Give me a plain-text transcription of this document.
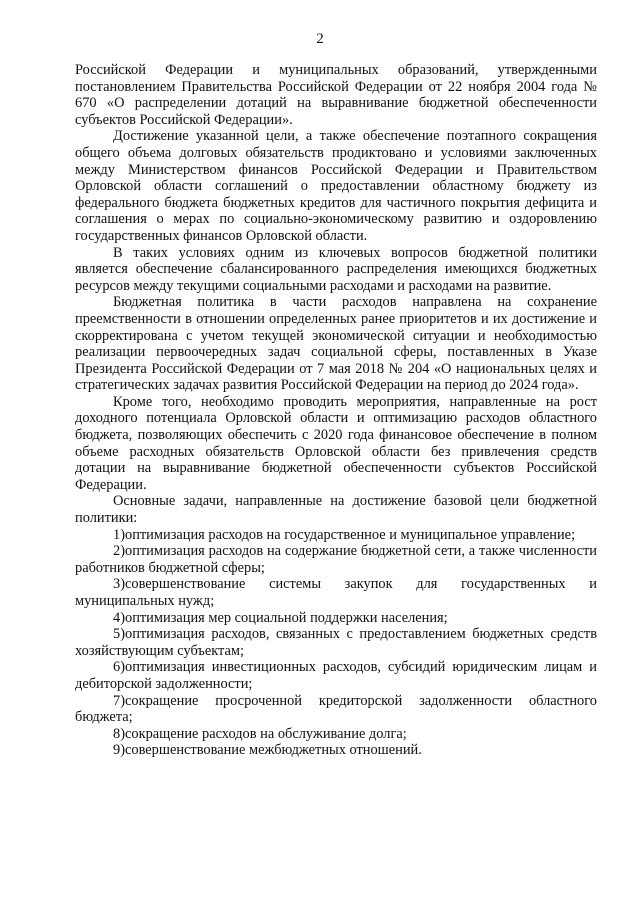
2

Российской Федерации и муниципальных образований, утвержденными постановлением Правительства Российской Федерации от 22 ноября 2004 года № 670 «О распределении дотаций на выравнивание бюджетной обеспеченности субъектов Российской Федерации».

Достижение указанной цели, а также обеспечение поэтапного сокращения общего объема долговых обязательств продиктовано и условиями заключенных между Министерством финансов Российской Федерации и Правительством Орловской области соглашений о предоставлении областному бюджету из федерального бюджета бюджетных кредитов для частичного покрытия дефицита и соглашения о мерах по социально-экономическому развитию и оздоровлению государственных финансов Орловской области.

В таких условиях одним из ключевых вопросов бюджетной политики является обеспечение сбалансированного распределения имеющихся бюджетных ресурсов между текущими социальными расходами и расходами на развитие.

Бюджетная политика в части расходов направлена на сохранение преемственности в отношении определенных ранее приоритетов и их достижение и скорректирована с учетом текущей экономической ситуации и необходимостью реализации первоочередных задач социальной сферы, поставленных в Указе Президента Российской Федерации от 7 мая 2018 № 204 «О национальных целях и стратегических задачах развития Российской Федерации на период до 2024 года».

Кроме того, необходимо проводить мероприятия, направленные на рост доходного потенциала Орловской области и оптимизацию расходов областного бюджета, позволяющих обеспечить с 2020 года финансовое обеспечение в полном объеме расходных обязательств Орловской области без привлечения средств дотации на выравнивание бюджетной обеспеченности субъектов Российской Федерации.

Основные задачи, направленные на достижение базовой цели бюджетной политики:

1)оптимизация расходов на государственное и муниципальное управление;

2)оптимизация расходов на содержание бюджетной сети, а также численности работников бюджетной сферы;

3)совершенствование системы закупок для государственных и муниципальных нужд;

4)оптимизация мер социальной поддержки населения;

5)оптимизация расходов, связанных с предоставлением бюджетных средств хозяйствующим субъектам;

6)оптимизация инвестиционных расходов, субсидий юридическим лицам и дебиторской задолженности;

7)сокращение просроченной кредиторской задолженности областного бюджета;

8)сокращение расходов на обслуживание долга;

9)совершенствование межбюджетных отношений.
